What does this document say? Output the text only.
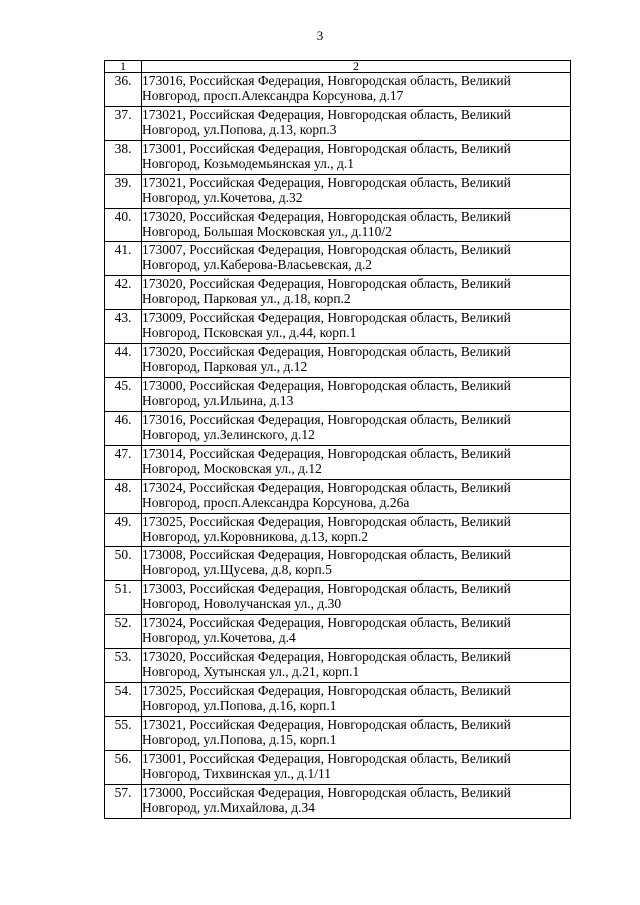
3
1	2
36.	173016, Российская Федерация, Новгородская область, Великий
Новгород, просп.Александра Корсунова, д.17

37.	173021, Российская Федерация, Новгородская область, Великий
Новгород, ул.Попова, д.13, корп.3

38.	173001, Российская Федерация, Новгородская область, Великий
Новгород, Козьмодемьянская ул., д.1

39.	173021, Российская Федерация, Новгородская область, Великий
Новгород, ул.Кочетова, д.32

40.	173020, Российская Федерация, Новгородская область, Великий
Новгород, Большая Московская ул., д.110/2

41.	173007, Российская Федерация, Новгородская область, Великий
Новгород, ул.Каберова-Власьевская, д.2

42.	173020, Российская Федерация, Новгородская область, Великий
Новгород, Парковая ул., д.18, корп.2

43.	173009, Российская Федерация, Новгородская область, Великий
Новгород, Псковская ул., д.44, корп.1

44.	173020, Российская Федерация, Новгородская область, Великий
Новгород, Парковая ул., д.12

45.	173000, Российская Федерация, Новгородская область, Великий
Новгород, ул.Ильина, д.13

46.	173016, Российская Федерация, Новгородская область, Великий
Новгород, ул.Зелинского, д.12

47.	173014, Российская Федерация, Новгородская область, Великий
Новгород, Московская ул., д.12

48.	173024, Российская Федерация, Новгородская область, Великий
Новгород, просп.Александра Корсунова, д.26а

49.	173025, Российская Федерация, Новгородская область, Великий
Новгород, ул.Коровникова, д.13, корп.2

50.	173008, Российская Федерация, Новгородская область, Великий
Новгород, ул.Щусева, д.8, корп.5

51.	173003, Российская Федерация, Новгородская область, Великий
Новгород, Новолучанская ул., д.30

52.	173024, Российская Федерация, Новгородская область, Великий
Новгород, ул.Кочетова, д.4

53.	173020, Российская Федерация, Новгородская область, Великий
Новгород, Хутынская ул., д.21, корп.1

54.	173025, Российская Федерация, Новгородская область, Великий
Новгород, ул.Попова, д.16, корп.1

55.	173021, Российская Федерация, Новгородская область, Великий
Новгород, ул.Попова, д.15, корп.1

56.	173001, Российская Федерация, Новгородская область, Великий
Новгород, Тихвинская ул., д.1/11

57.	173000, Российская Федерация, Новгородская область, Великий
Новгород, ул.Михайлова, д.34
